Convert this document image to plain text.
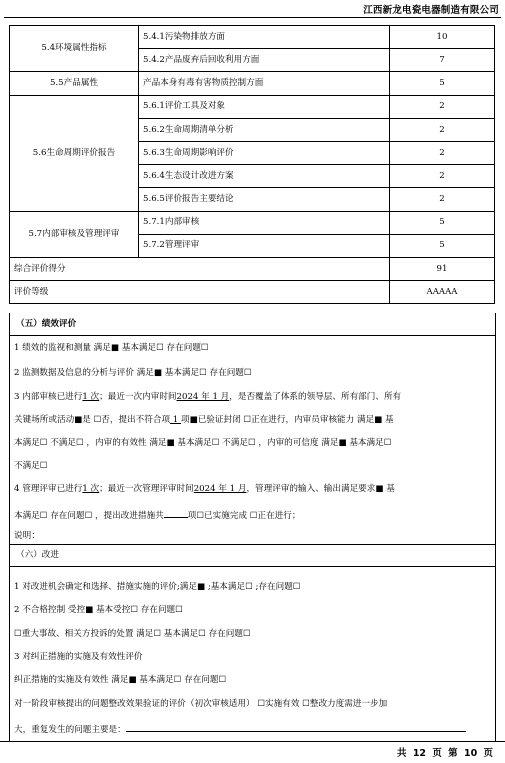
江西新龙电瓷电器制造有限公司
5.4环境属性指标	5.4.1污染物排放方面	10
	5.4.2产品废弃后回收利用方面	7
5.5产品属性	产品本身有毒有害物质控制方面	5
5.6生命周期评价报告	5.6.1评价工具及对象	2
	5.6.2生命周期清单分析	2
	5.6.3生命周期影响评价	2
	5.6.4生态设计改进方案	2
	5.6.5评价报告主要结论	2
5.7内部审核及管理评审	5.7.1内部审核	5
	5.7.2管理评审	5
综合评价得分		91
评价等级		AAAAA
（五）绩效评价
1 绩效的监视和测量 满足■ 基本满足☐ 存在问题☐
2 监测数据及信息的分析与评价 满足■ 基本满足☐ 存在问题☐
3 内部审核已进行1 次；最近一次内审时间2024 年 1 月，是否覆盖了体系的领导层、所有部门、所有
关键场所或活动■是 ☐否，提出不符合项 1 项■已验证封闭 ☐正在进行，内审员审核能力 满足■ 基
本满足☐ 不满足☐ ，内审的有效性 满足■ 基本满足☐ 不满足☐ ，内审的可信度 满足■ 基本满足☐
不满足☐
4 管理评审已进行1 次；最近一次管理评审时间2024 年 1 月，管理评审的输入、输出满足要求■ 基
本满足☐ 存在问题☐ ，提出改进措施共	项☐已实施完成 ☐正在进行；
说明：
（六）改进
1 对改进机会确定和选择、措施实施的评价;满足■ ;基本满足☐ ;存在问题☐
2 不合格控制 受控■ 基本受控☐ 存在问题☐
☐重大事故、相关方投诉的处置 满足☐ 基本满足☐ 存在问题☐
3 对纠正措施的实施及有效性评价
纠正措施的实施及有效性 满足■ 基本满足☐ 存在问题☐
对一阶段审核提出的问题整改效果验证的评价（初次审核适用） ☐实施有效 ☐整改力度需进一步加
大，重复发生的问题主要是：
共 12 页 第 10 页
